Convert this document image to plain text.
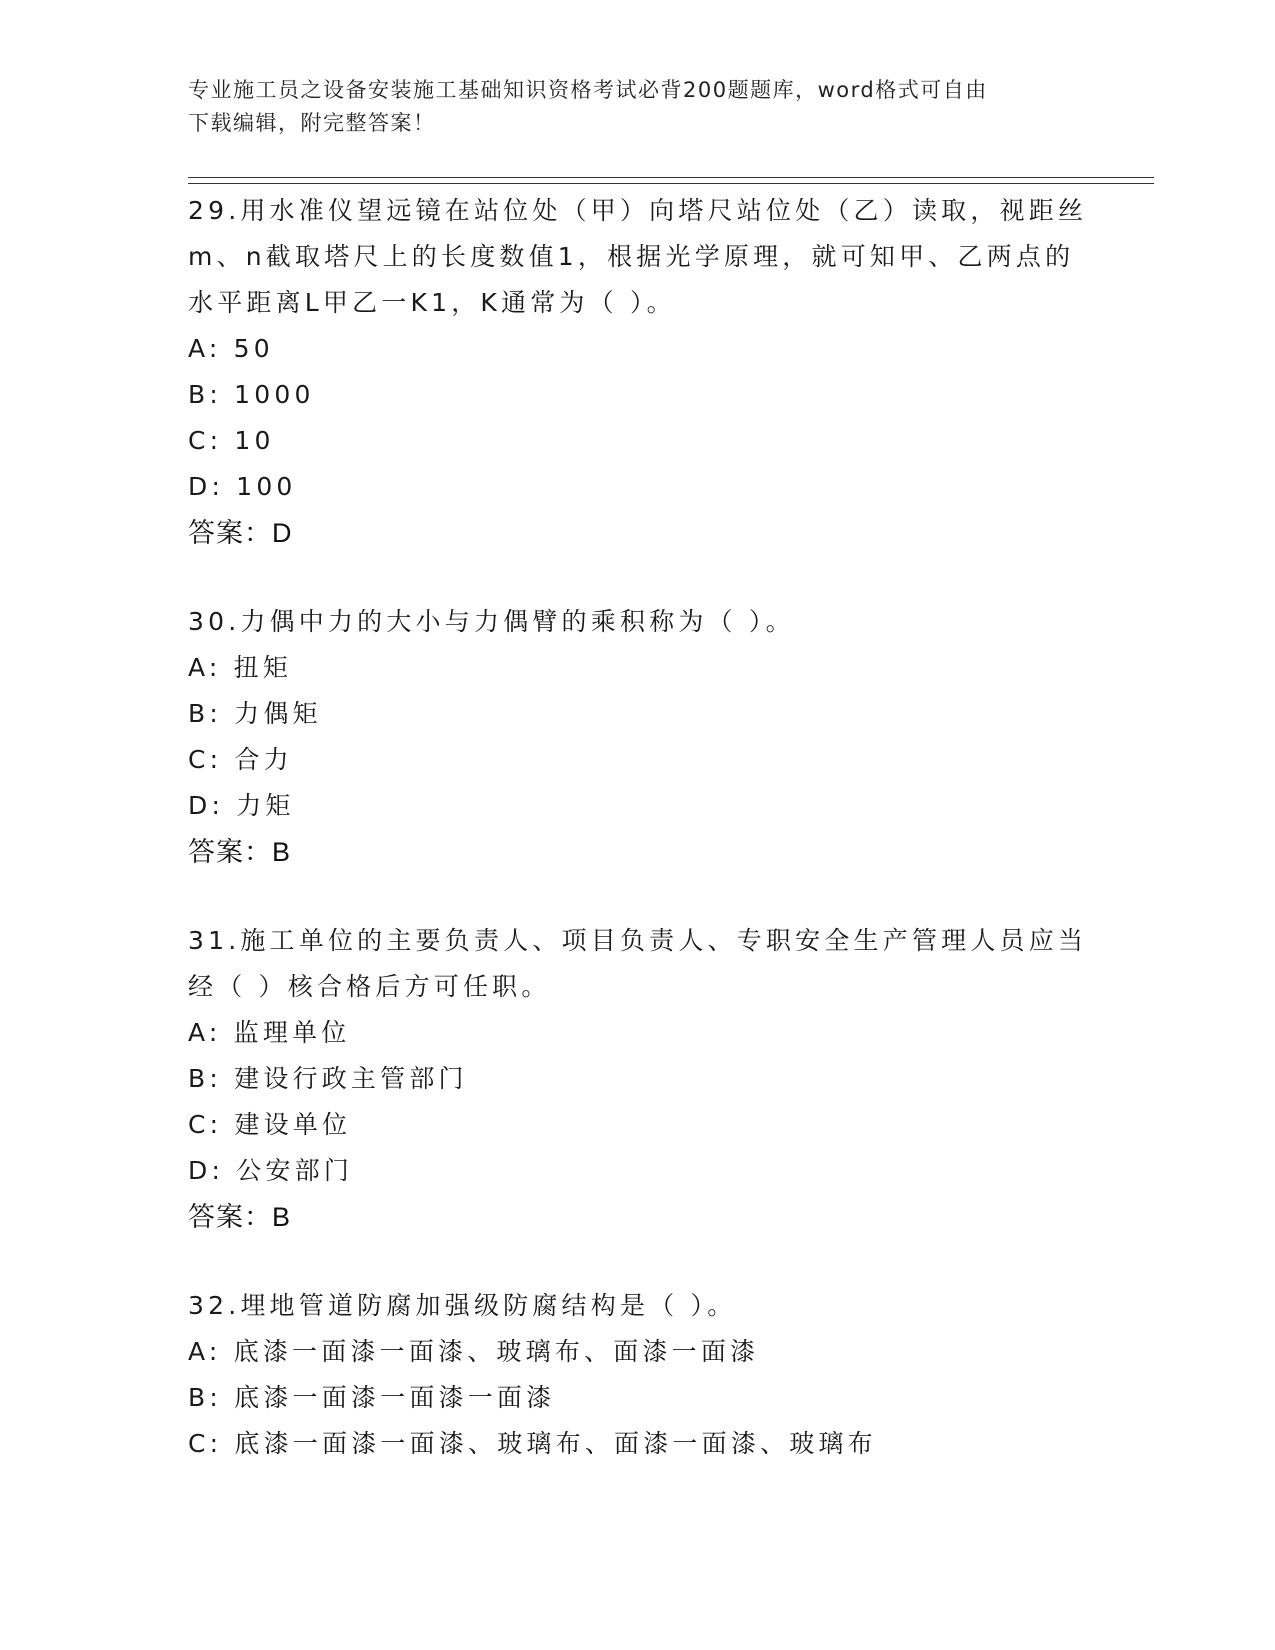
专业施工员之设备安装施工基础知识资格考试必背200题题库，word格式可自由
下载编辑，附完整答案！
29.用水准仪望远镜在站位处（甲）向塔尺站位处（乙）读取，视距丝
m、n截取塔尺上的长度数值1，根据光学原理，就可知甲、乙两点的
水平距离L甲乙一K1，K通常为（ ）。
A: 50
B: 1000
C: 10
D: 100
答案：D
30.力偶中力的大小与力偶臂的乘积称为（ ）。
A: 扭矩
B: 力偶矩
C: 合力
D: 力矩
答案：B
31.施工单位的主要负责人、项目负责人、专职安全生产管理人员应当
经（ ）核合格后方可任职。
A: 监理单位
B: 建设行政主管部门
C: 建设单位
D: 公安部门
答案：B
32.埋地管道防腐加强级防腐结构是（ ）。
A: 底漆一面漆一面漆、玻璃布、面漆一面漆
B: 底漆一面漆一面漆一面漆
C: 底漆一面漆一面漆、玻璃布、面漆一面漆、玻璃布
